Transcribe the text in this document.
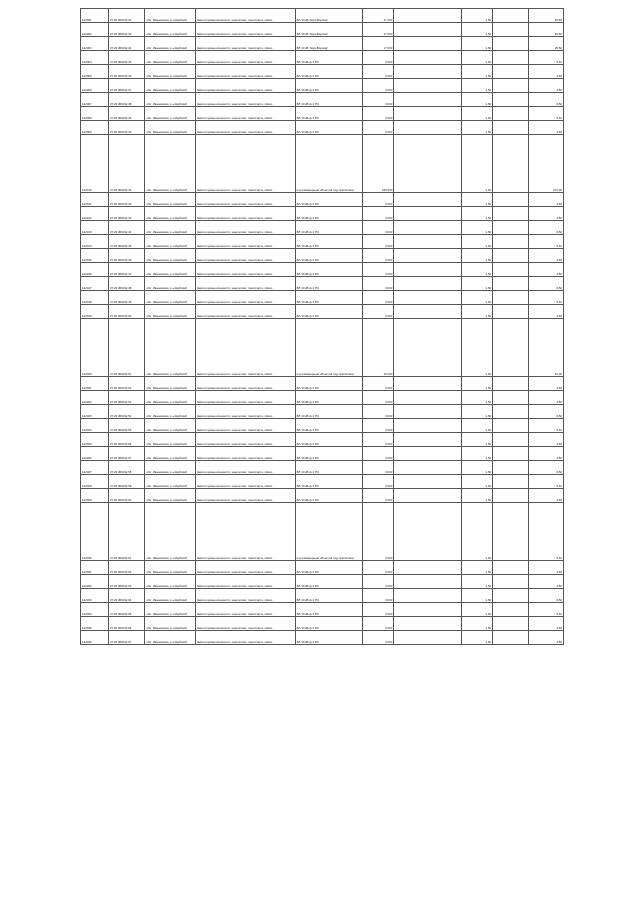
142001	37:20:000011:31	обл. Ивановская, р-н Шуйский	Земли промышленности, энергетики, транспорта, связи...	ВЛ 10 кВ "Шуя-Ворсма"	17 000		1,50		25,50
142002	37:20:000011:33	обл. Ивановская, р-н Шуйский	Земли промышленности, энергетики, транспорта, связи...	ВЛ 10 кВ "Шуя-Ворсма"	17 000		1,50		25,50
142003	37:20:000011:34	обл. Ивановская, р-н Шуйский	Земли промышленности, энергетики, транспорта, связи...	ВЛ 10 кВ "Шуя-Ворсма"	17 000		1,50		25,50
142004	37:20:000011:35	обл. Ивановская, р-н Шуйский	Земли промышленности, энергетики, транспорта, связи...	ВЛ 10 кВ ф.1 ПС	3 000		1,50		4,50
142005	37:20:000011:36	обл. Ивановская, р-н Шуйский	Земли промышленности, энергетики, транспорта, связи...	ВЛ 10 кВ ф.1 ПС	3 000		1,50		4,50
142006	37:20:000011:37	обл. Ивановская, р-н Шуйский	Земли промышленности, энергетики, транспорта, связи...	ВЛ 10 кВ ф.1 ПС	3 000		1,50		4,50
142007	37:20:000011:38	обл. Ивановская, р-н Шуйский	Земли промышленности, энергетики, транспорта, связи...	ВЛ 10 кВ ф.1 ПС	3 000		1,50		4,50
142008	37:20:000011:39	обл. Ивановская, р-н Шуйский	Земли промышленности, энергетики, транспорта, связи...	ВЛ 10 кВ ф.1 ПС	3 000		1,50		4,50
142009	37:20:000011:40	обл. Ивановская, р-н Шуйский	Земли промышленности, энергетики, транспорта, связи...	ВЛ 10 кВ ф.1 ПС	3 000		1,50		4,50
142010	37:20:000011:41	обл. Ивановская, р-н Шуйский	Земли промышленности, энергетики, транспорта, связи...	под размещение объектов под газопровод	184 000		1,50		276,00
142011	37:20:000011:42	обл. Ивановская, р-н Шуйский	Земли промышленности, энергетики, транспорта, связи...	ВЛ 10 кВ ф.1 ПС	3 000		1,50		4,50
142012	37:20:000011:43	обл. Ивановская, р-н Шуйский	Земли промышленности, энергетики, транспорта, связи...	ВЛ 10 кВ ф.1 ПС	3 000		1,50		4,50
142013	37:20:000011:44	обл. Ивановская, р-н Шуйский	Земли промышленности, энергетики, транспорта, связи...	ВЛ 10 кВ ф.1 ПС	3 000		1,50		4,50
142014	37:20:000011:45	обл. Ивановская, р-н Шуйский	Земли промышленности, энергетики, транспорта, связи...	ВЛ 10 кВ ф.1 ПС	3 000		1,50		4,50
142015	37:20:000011:46	обл. Ивановская, р-н Шуйский	Земли промышленности, энергетики, транспорта, связи...	ВЛ 10 кВ ф.1 ПС	3 000		1,50		4,50
142016	37:20:000011:47	обл. Ивановская, р-н Шуйский	Земли промышленности, энергетики, транспорта, связи...	ВЛ 10 кВ ф.1 ПС	3 000		1,50		4,50
142017	37:20:000011:48	обл. Ивановская, р-н Шуйский	Земли промышленности, энергетики, транспорта, связи...	ВЛ 10 кВ ф.1 ПС	3 000		1,50		4,50
142018	37:20:000011:49	обл. Ивановская, р-н Шуйский	Земли промышленности, энергетики, транспорта, связи...	ВЛ 10 кВ ф.1 ПС	3 000		1,50		4,50
142019	37:20:000011:50	обл. Ивановская, р-н Шуйский	Земли промышленности, энергетики, транспорта, связи...	ВЛ 10 кВ ф.1 ПС	3 000		1,50		4,50
142020	37:20:000011:51	обл. Ивановская, р-н Шуйский	Земли промышленности, энергетики, транспорта, связи...	под размещение объектов под газопровод	16 000		1,50		24,00
142021	37:20:000011:52	обл. Ивановская, р-н Шуйский	Земли промышленности, энергетики, транспорта, связи...	ВЛ 10 кВ ф.1 ПС	3 000		1,50		4,50
142022	37:20:000011:53	обл. Ивановская, р-н Шуйский	Земли промышленности, энергетики, транспорта, связи...	ВЛ 10 кВ ф.1 ПС	3 000		1,50		4,50
142023	37:20:000011:54	обл. Ивановская, р-н Шуйский	Земли промышленности, энергетики, транспорта, связи...	ВЛ 10 кВ ф.1 ПС	3 000		1,50		4,50
142024	37:20:000011:55	обл. Ивановская, р-н Шуйский	Земли промышленности, энергетики, транспорта, связи...	ВЛ 10 кВ ф.1 ПС	3 000		1,50		4,50
142025	37:20:000011:56	обл. Ивановская, р-н Шуйский	Земли промышленности, энергетики, транспорта, связи...	ВЛ 10 кВ ф.1 ПС	3 000		1,50		4,50
142026	37:20:000011:57	обл. Ивановская, р-н Шуйский	Земли промышленности, энергетики, транспорта, связи...	ВЛ 10 кВ ф.1 ПС	3 000		1,50		4,50
142027	37:20:000011:58	обл. Ивановская, р-н Шуйский	Земли промышленности, энергетики, транспорта, связи...	ВЛ 10 кВ ф.1 ПС	3 000		1,50		4,50
142028	37:20:000011:59	обл. Ивановская, р-н Шуйский	Земли промышленности, энергетики, транспорта, связи...	ВЛ 10 кВ ф.1 ПС	3 000		1,50		4,50
142029	37:20:000011:60	обл. Ивановская, р-н Шуйский	Земли промышленности, энергетики, транспорта, связи...	ВЛ 10 кВ ф.1 ПС	3 000		1,50		4,50
142030	37:20:000011:61	обл. Ивановская, р-н Шуйский	Земли промышленности, энергетики, транспорта, связи...	под размещение объектов под газопровод	3 000		1,50		4,50
142031	37:20:000011:62	обл. Ивановская, р-н Шуйский	Земли промышленности, энергетики, транспорта, связи...	ВЛ 10 кВ ф.1 ПС	3 000		1,50		4,50
142032	37:20:000011:63	обл. Ивановская, р-н Шуйский	Земли промышленности, энергетики, транспорта, связи...	ВЛ 10 кВ ф.1 ПС	3 000		1,50		4,50
142033	37:20:000011:64	обл. Ивановская, р-н Шуйский	Земли промышленности, энергетики, транспорта, связи...	ВЛ 10 кВ ф.1 ПС	3 000		1,50		4,50
142034	37:20:000011:65	обл. Ивановская, р-н Шуйский	Земли промышленности, энергетики, транспорта, связи...	ВЛ 10 кВ ф.1 ПС	3 000		1,50		4,50
142035	37:20:000011:66	обл. Ивановская, р-н Шуйский	Земли промышленности, энергетики, транспорта, связи...	ВЛ 10 кВ ф.1 ПС	3 000		1,50		4,50
142036	37:20:000011:67	обл. Ивановская, р-н Шуйский	Земли промышленности, энергетики, транспорта, связи...	ВЛ 10 кВ ф.1 ПС	3 000		1,50		4,50
